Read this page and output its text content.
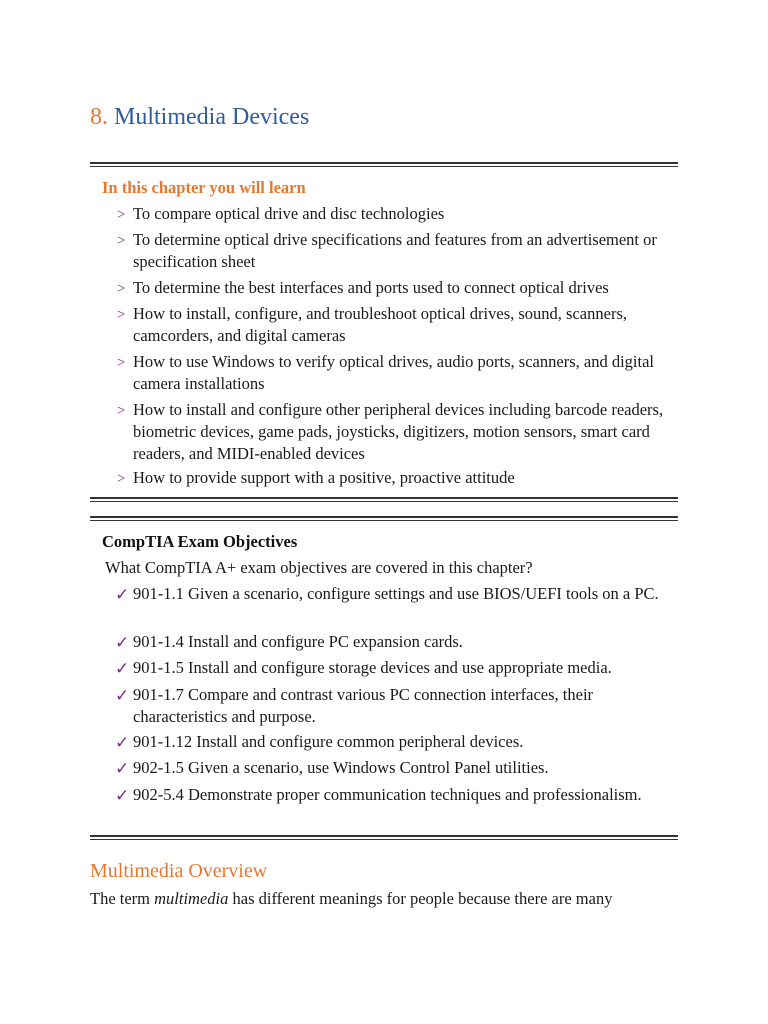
8. Multimedia Devices
In this chapter you will learn
> To compare optical drive and disc technologies
> To determine optical drive specifications and features from an advertisement or specification sheet
> To determine the best interfaces and ports used to connect optical drives
> How to install, configure, and troubleshoot optical drives, sound, scanners, camcorders, and digital cameras
> How to use Windows to verify optical drives, audio ports, scanners, and digital camera installations
> How to install and configure other peripheral devices including barcode readers, biometric devices, game pads, joysticks, digitizers, motion sensors, smart card readers, and MIDI-enabled devices
> How to provide support with a positive, proactive attitude
CompTIA Exam Objectives

What CompTIA A+ exam objectives are covered in this chapter?

✓ 901-1.1 Given a scenario, configure settings and use BIOS/UEFI tools on a PC.
✓ 901-1.4 Install and configure PC expansion cards.
✓ 901-1.5 Install and configure storage devices and use appropriate media.
✓ 901-1.7 Compare and contrast various PC connection interfaces, their characteristics and purpose.
✓ 901-1.12 Install and configure common peripheral devices.
✓ 902-1.5 Given a scenario, use Windows Control Panel utilities.
✓ 902-5.4 Demonstrate proper communication techniques and professionalism.
Multimedia Overview

The term multimedia has different meanings for people because there are many
